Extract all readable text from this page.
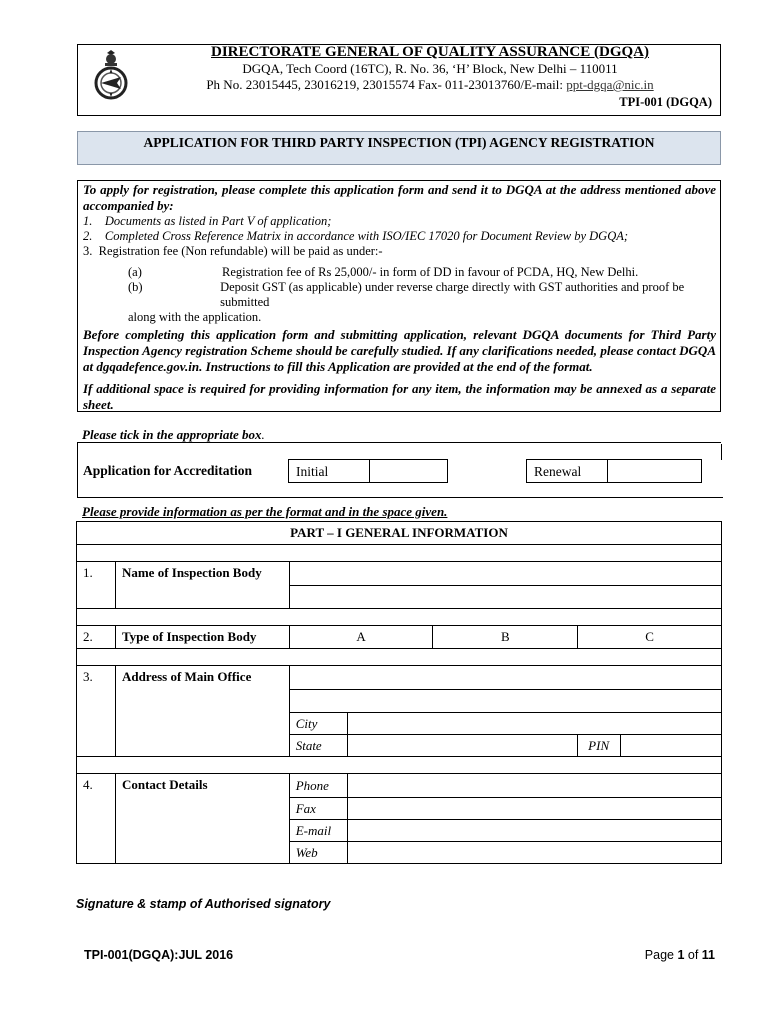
DIRECTORATE GENERAL OF QUALITY ASSURANCE (DGQA)
DGQA, Tech Coord (16TC), R. No. 36, ‘H’ Block, New Delhi – 110011
Ph No. 23015445, 23016219, 23015574 Fax- 011-23013760/E-mail: ppt-dgqa@nic.in
TPI-001 (DGQA)
APPLICATION FOR THIRD PARTY INSPECTION (TPI) AGENCY REGISTRATION

To apply for registration, please complete this application form and send it to DGQA at the address mentioned above accompanied by:

1. Documents as listed in Part V of application;

2. Completed Cross Reference Matrix in accordance with ISO/IEC 17020 for Document Review by DGQA;

3. Registration fee (Non refundable) will be paid as under:-

(a)	Registration fee of Rs 25,000/- in form of DD in favour of PCDA, HQ, New Delhi.
(b)	Deposit GST (as applicable) under reverse charge directly with GST authorities and proof be submitted

along with the application.

Before completing this application form and submitting application, relevant DGQA documents for Third Party Inspection Agency registration Scheme should be carefully studied. If any clarifications needed, please contact DGQA at dgqadefence.gov.in. Instructions to fill this Application are provided at the end of the format.

If additional space is required for providing information for any item, the information may be annexed as a separate sheet.

Please tick in the appropriate box.
Application for Accreditation	Initial	Renewal
Please provide information as per the format and in the space given.
PART – I GENERAL INFORMATION						

1.	Name of Inspection Body					

2.	Type of Inspection Body	A		B	C	

3.	Address of Main Office					

		City				
		State			PIN	

4.	Contact Details	Phone				
		Fax				
		E-mail				
		Web				
Signature & stamp of Authorised signatory
TPI-001(DGQA):JUL 2016	Page 1 of 11
